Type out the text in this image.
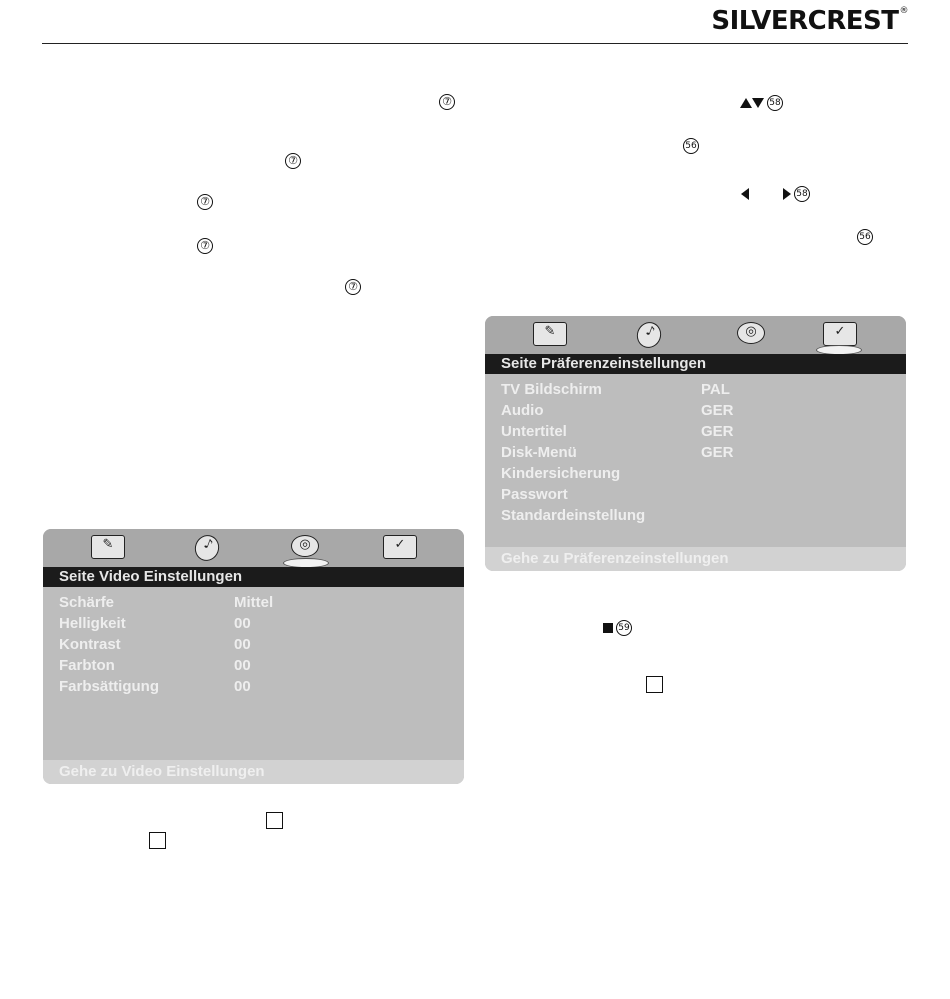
SILVERCREST®
⑦
⑦
⑦
⑦
⑦
58
56
58
56
59
✎	♪	◎	✓
Seite Präferenzeinstellungen
TV Bildschirm	PAL
Audio	GER
Untertitel	GER
Disk-Menü	GER
Kindersicherung
Passwort
Standardeinstellung
Gehe zu Präferenzeinstellungen
✎	♪	◎	✓
Seite Video Einstellungen
Schärfe	Mittel
Helligkeit	00
Kontrast	00
Farbton	00
Farbsättigung	00
Gehe zu Video Einstellungen
